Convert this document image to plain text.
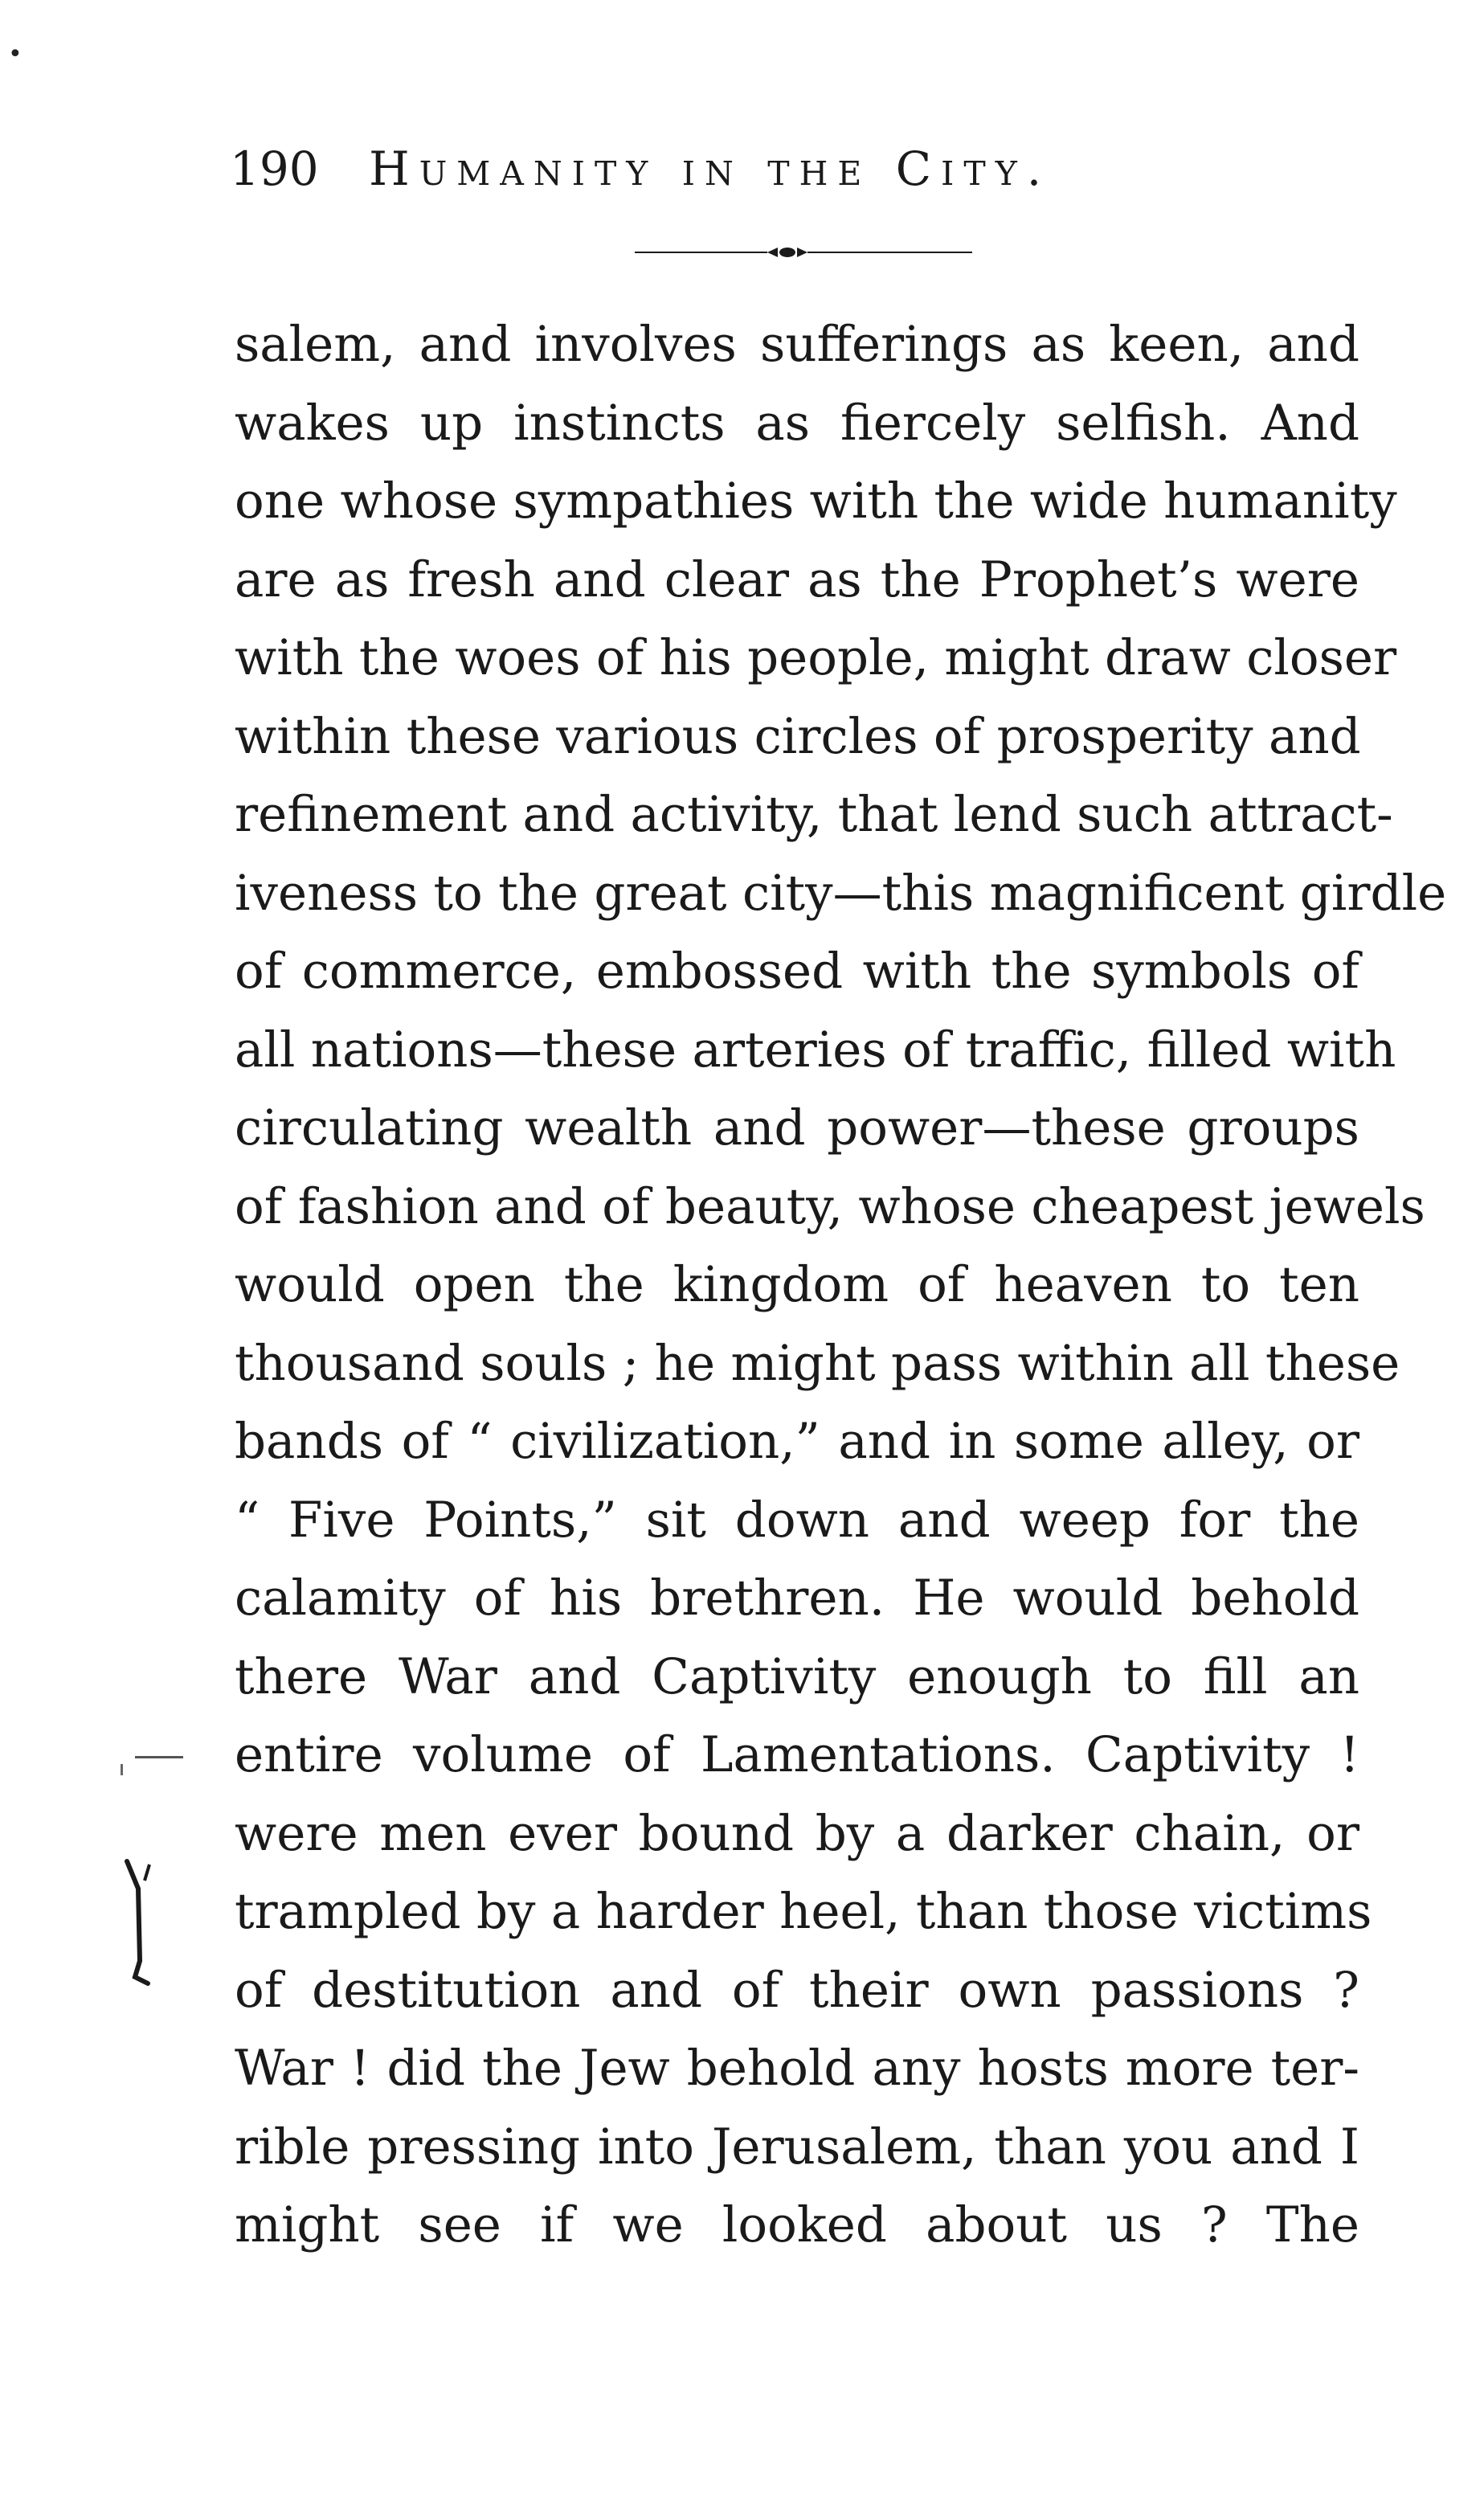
•
190 Humanity in the City.
salem, and involves sufferings as keen, and
wakes up instincts as fiercely selfish. And
one whose sympathies with the wide humanity
are as fresh and clear as the Prophet’s were
with the woes of his people, might draw closer
within these various circles of prosperity and
refinement and activity, that lend such attract-
iveness to the great city—this magnificent girdle
of commerce, embossed with the symbols of
all nations—these arteries of traffic, filled with
circulating wealth and power—these groups
of fashion and of beauty, whose cheapest jewels
would open the kingdom of heaven to ten
thousand souls ; he might pass within all these
bands of “ civilization,” and in some alley, or
“ Five Points,” sit down and weep for the
calamity of his brethren. He would behold
there War and Captivity enough to fill an
entire volume of Lamentations. Captivity !
were men ever bound by a darker chain, or
trampled by a harder heel, than those victims
of destitution and of their own passions ?
War ! did the Jew behold any hosts more ter-
rible pressing into Jerusalem, than you and I
might see if we looked about us ? The
